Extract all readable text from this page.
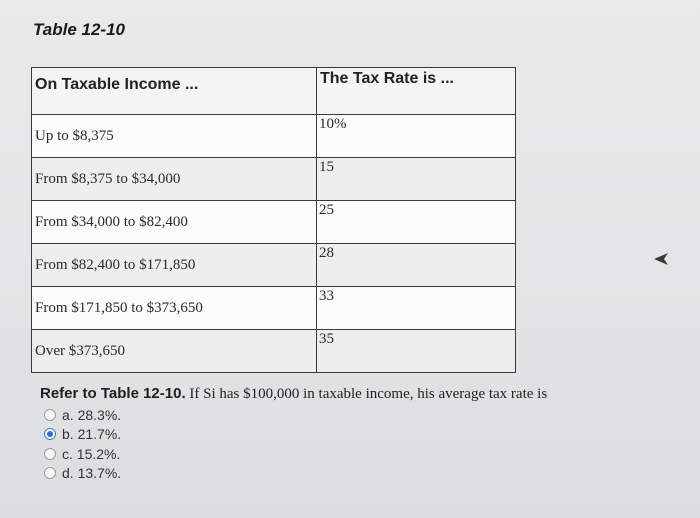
Table 12-10
On Taxable Income ...	The Tax Rate is ...

Up to $8,375	10%
From $8,375 to $34,000	15
From $34,000 to $82,400	25
From $82,400 to $171,850	28
From $171,850 to $373,650	33
Over $373,650	35
Refer to Table 12-10. If Si has $100,000 in taxable income, his average tax rate is
a. 28.3%.
b. 21.7%.
c. 15.2%.
d. 13.7%.
